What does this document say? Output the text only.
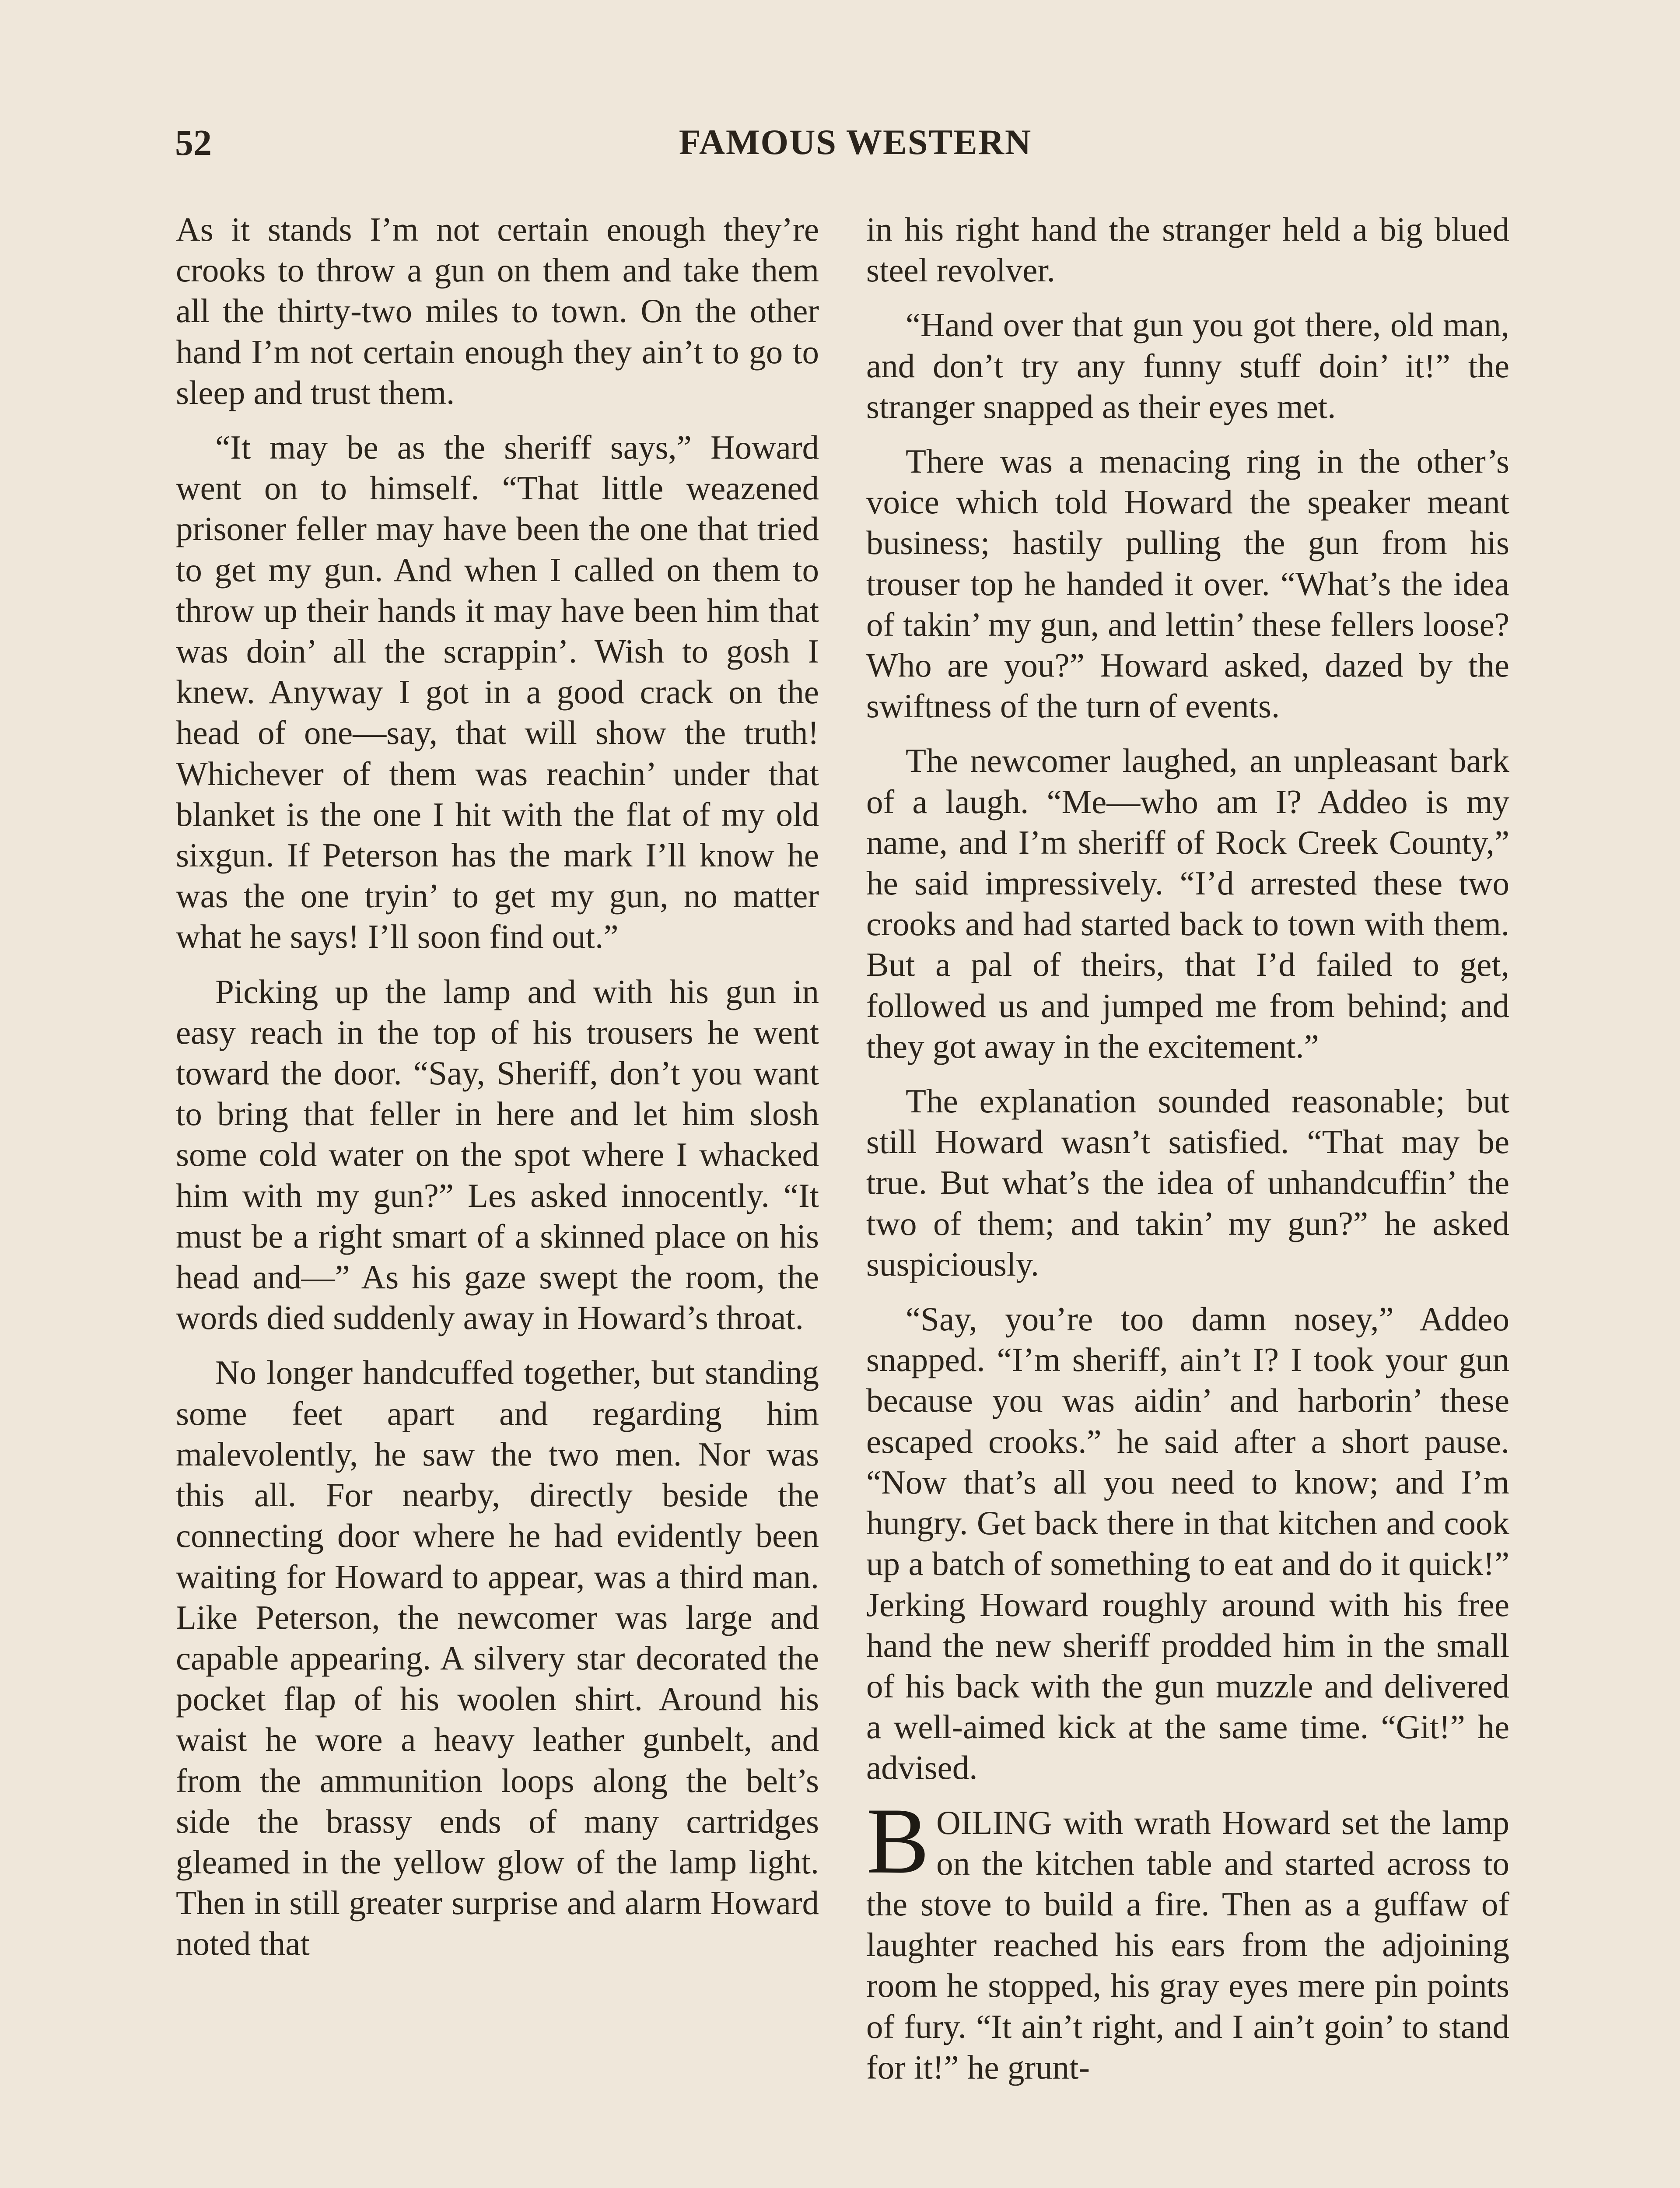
52	FAMOUS WESTERN

As it stands I’m not certain enough they’re crooks to throw a gun on them and take them all the thirty-two miles to town. On the other hand I’m not certain enough they ain’t to go to sleep and trust them.

“It may be as the sheriff says,” Howard went on to himself. “That little weazened prisoner feller may have been the one that tried to get my gun. And when I called on them to throw up their hands it may have been him that was doin’ all the scrappin’. Wish to gosh I knew. Anyway I got in a good crack on the head of one—say, that will show the truth! Whichever of them was reachin’ under that blanket is the one I hit with the flat of my old sixgun. If Peterson has the mark I’ll know he was the one tryin’ to get my gun, no matter what he says! I’ll soon find out.”

Picking up the lamp and with his gun in easy reach in the top of his trousers he went toward the door. “Say, Sheriff, don’t you want to bring that feller in here and let him slosh some cold water on the spot where I whacked him with my gun?” Les asked innocently. “It must be a right smart of a skinned place on his head and—” As his gaze swept the room, the words died suddenly away in Howard’s throat.

No longer handcuffed together, but standing some feet apart and regarding him malevolently, he saw the two men. Nor was this all. For nearby, directly beside the connecting door where he had evidently been waiting for Howard to appear, was a third man. Like Peterson, the newcomer was large and capable appearing. A silvery star decorated the pocket flap of his woolen shirt. Around his waist he wore a heavy leather gunbelt, and from the ammunition loops along the belt’s side the brassy ends of many cartridges gleamed in the yellow glow of the lamp light. Then in still greater surprise and alarm Howard noted that

in his right hand the stranger held a big blued steel revolver.

“Hand over that gun you got there, old man, and don’t try any funny stuff doin’ it!” the stranger snapped as their eyes met.

There was a menacing ring in the other’s voice which told Howard the speaker meant business; hastily pulling the gun from his trouser top he handed it over. “What’s the idea of takin’ my gun, and lettin’ these fellers loose? Who are you?” Howard asked, dazed by the swiftness of the turn of events.

The newcomer laughed, an unpleasant bark of a laugh. “Me—who am I? Addeo is my name, and I’m sheriff of Rock Creek County,” he said impressively. “I’d arrested these two crooks and had started back to town with them. But a pal of theirs, that I’d failed to get, followed us and jumped me from behind; and they got away in the excitement.”

The explanation sounded reasonable; but still Howard wasn’t satisfied. “That may be true. But what’s the idea of unhandcuffin’ the two of them; and takin’ my gun?” he asked suspiciously.

“Say, you’re too damn nosey,” Addeo snapped. “I’m sheriff, ain’t I? I took your gun because you was aidin’ and harborin’ these escaped crooks.” he said after a short pause. “Now that’s all you need to know; and I’m hungry. Get back there in that kitchen and cook up a batch of something to eat and do it quick!” Jerking Howard roughly around with his free hand the new sheriff prodded him in the small of his back with the gun muzzle and delivered a well-aimed kick at the same time. “Git!” he advised.

BOILING with wrath Howard set the lamp on the kitchen table and started across to the stove to build a fire. Then as a guffaw of laughter reached his ears from the adjoining room he stopped, his gray eyes mere pin points of fury. “It ain’t right, and I ain’t goin’ to stand for it!” he grunt-
